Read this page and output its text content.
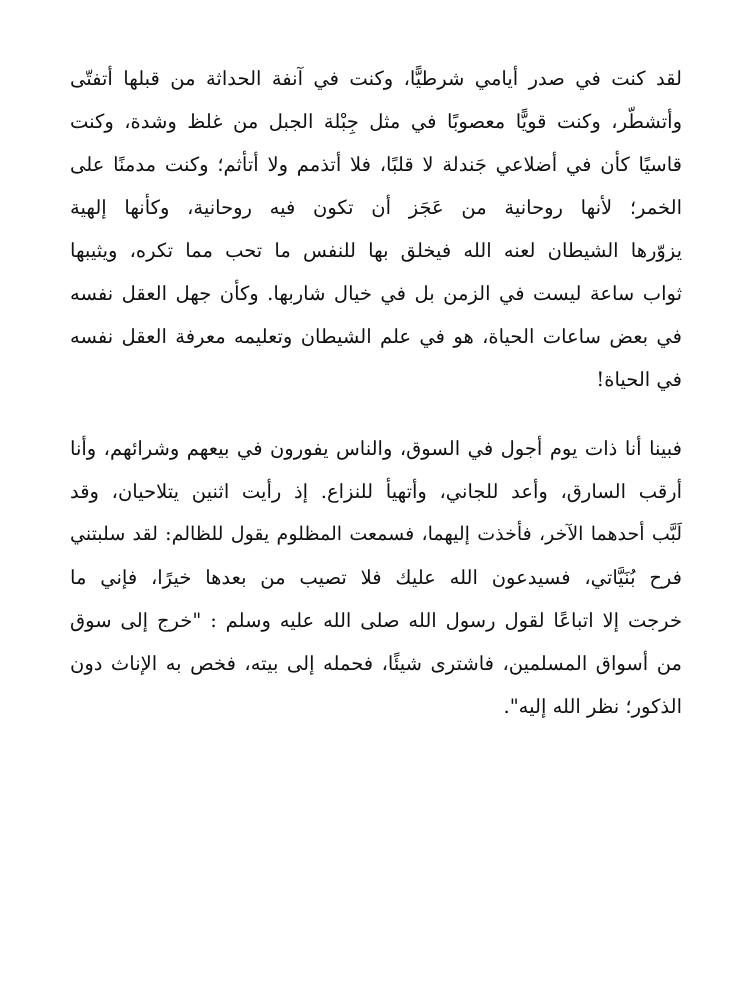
لقد كنت في صدر أيامي شرطيًّا، وكنت في آنفة الحداثة من قبلها أتفتّى
وأتشطّر، وكنت قويًّا معصوبًا في مثل جِبْلة الجبل من غلظ وشدة، وكنت
قاسيًا كأن في أضلاعي جَندلة لا قلبًا، فلا أتذمم ولا أتأثم؛ وكنت مدمنًا على
الخمر؛ لأنها روحانية من عَجَز أن تكون فيه روحانية، وكأنها إلهية
يزوّرها الشيطان لعنه الله فيخلق بها للنفس ما تحب مما تكره، ويثيبها
ثواب ساعة ليست في الزمن بل في خيال شاربها. وكأن جهل العقل نفسه
في بعض ساعات الحياة، هو في علم الشيطان وتعليمه معرفة العقل نفسه
في الحياة!
فبينا أنا ذات يوم أجول في السوق، والناس يفورون في بيعهم وشرائهم، وأنا
أرقب السارق، وأعد للجاني، وأتهيأ للنزاع. إذ رأيت اثنين يتلاحيان، وقد
لَبَّب أحدهما الآخر، فأخذت إليهما، فسمعت المظلوم يقول للظالم: لقد سلبتني
فرح بُنَيَّاتي، فسيدعون الله عليك فلا تصيب من بعدها خيرًا، فإني ما
خرجت إلا اتباعًا لقول رسول الله صلى الله عليه وسلم : "خرج إلى سوق
من أسواق المسلمين، فاشترى شيئًا، فحمله إلى بيته، فخص به الإناث دون
الذكور؛ نظر الله إليه".
